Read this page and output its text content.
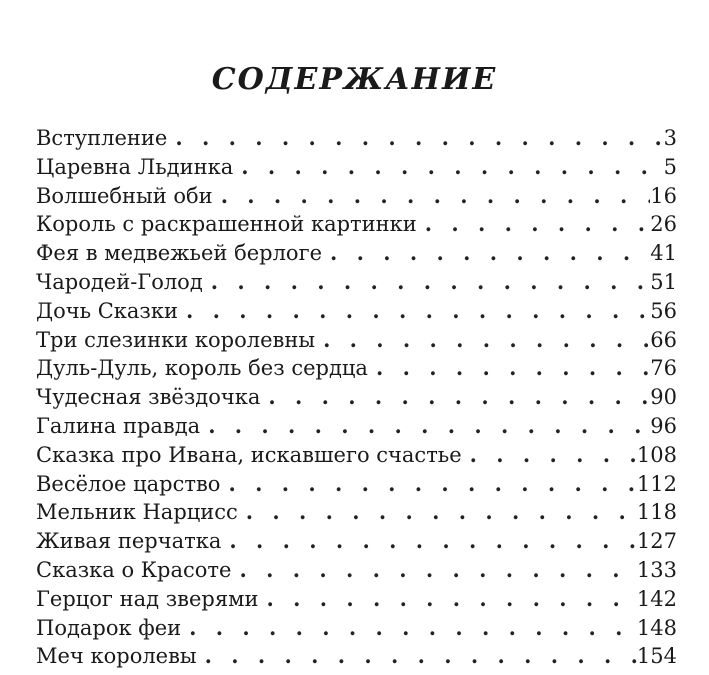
СОДЕРЖАНИЕ
Вступление . . .	3
Царевна Льдинка . . .	5
Волшебный оби . . .	16
Король с раскрашенной картинки . . .	26
Фея в медвежьей берлоге . . .	41
Чародей-Голод . . .	51
Дочь Сказки . . .	56
Три слезинки королевны . . .	66
Дуль-Дуль, король без сердца . . .	76
Чудесная звёздочка . . .	90
Галина правда . . .	96
Сказка про Ивана, искавшего счастье . . .	108
Весёлое царство . . .	112
Мельник Нарцисс . . .	118
Живая перчатка . . .	127
Сказка о Красоте . . .	133
Герцог над зверями . . .	142
Подарок феи . . .	148
Меч королевы . . .	154
